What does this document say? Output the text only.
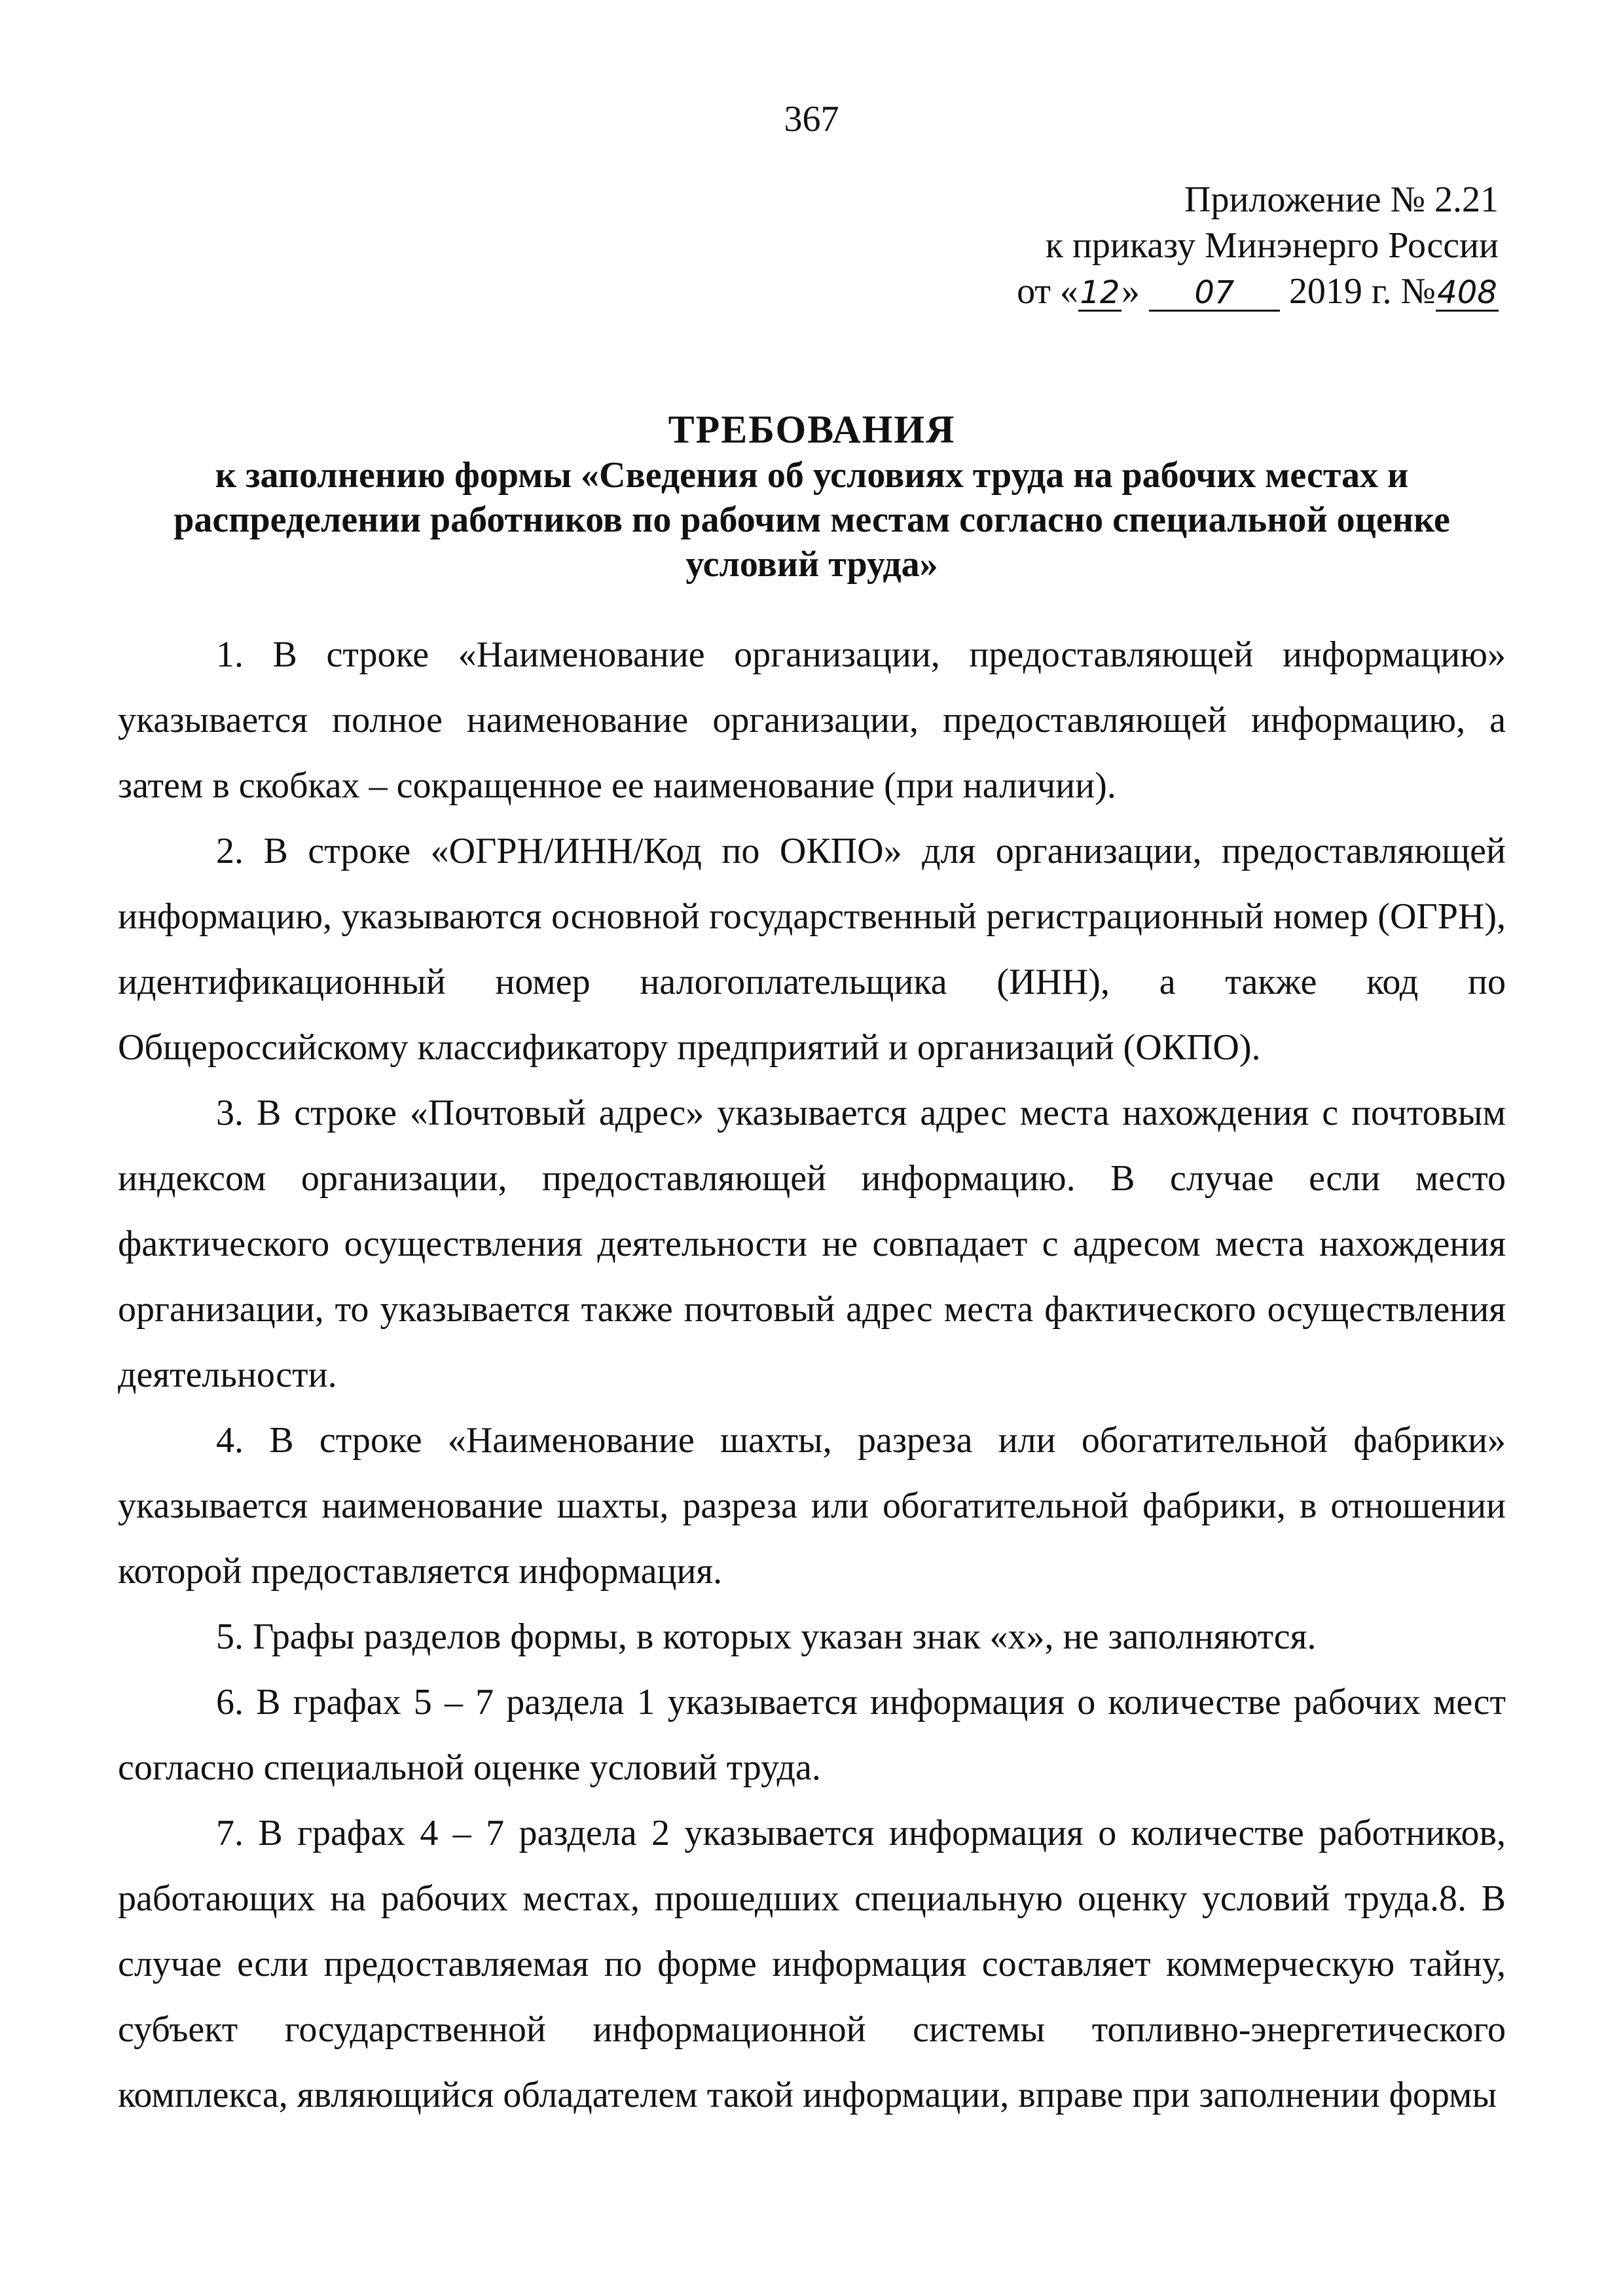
367
Приложение № 2.21
к приказу Минэнерго России
от «12» 07 2019 г. №408
ТРЕБОВАНИЯ
к заполнению формы «Сведения об условиях труда на рабочих местах и распределении работников по рабочим местам согласно специальной оценке условий труда»

1. В строке «Наименование организации, предоставляющей информацию» указывается полное наименование организации, предоставляющей информацию, а затем в скобках – сокращенное ее наименование (при наличии).

2. В строке «ОГРН/ИНН/Код по ОКПО» для организации, предоставляющей информацию, указываются основной государственный регистрационный номер (ОГРН), идентификационный номер налогоплательщика (ИНН), а также код по Общероссийскому классификатору предприятий и организаций (ОКПО).

3. В строке «Почтовый адрес» указывается адрес места нахождения с почтовым индексом организации, предоставляющей информацию. В случае если место фактического осуществления деятельности не совпадает с адресом места нахождения организации, то указывается также почтовый адрес места фактического осуществления деятельности.

4. В строке «Наименование шахты, разреза или обогатительной фабрики» указывается наименование шахты, разреза или обогатительной фабрики, в отношении которой предоставляется информация.

5. Графы разделов формы, в которых указан знак «х», не заполняются.

6. В графах 5 – 7 раздела 1 указывается информация о количестве рабочих мест согласно специальной оценке условий труда.

7. В графах 4 – 7 раздела 2 указывается информация о количестве работников, работающих на рабочих местах, прошедших специальную оценку условий труда.8. В случае если предоставляемая по форме информация составляет коммерческую тайну, субъект государственной информационной системы топливно-энергетического комплекса, являющийся обладателем такой информации, вправе при заполнении формы
